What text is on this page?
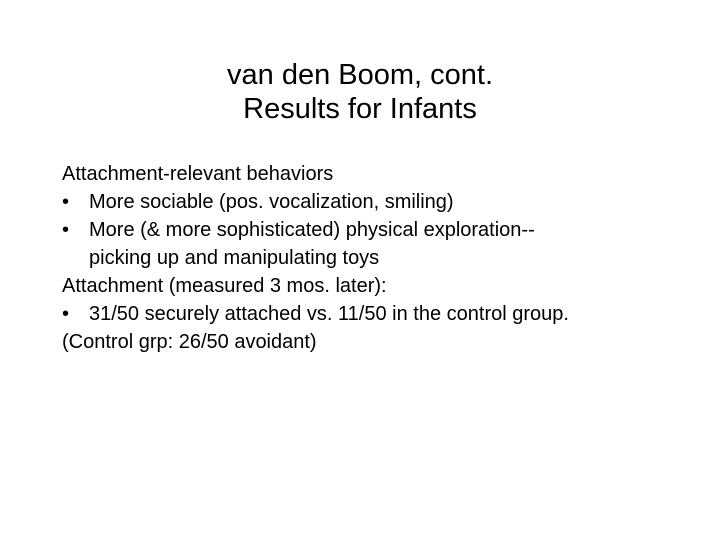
van den Boom, cont.
Results for Infants
Attachment-relevant behaviors
• More sociable (pos. vocalization, smiling)
• More (& more sophisticated) physical exploration--
picking up and manipulating toys
Attachment (measured 3 mos. later):
• 31/50 securely attached vs. 11/50 in the control group.
(Control grp: 26/50 avoidant)
